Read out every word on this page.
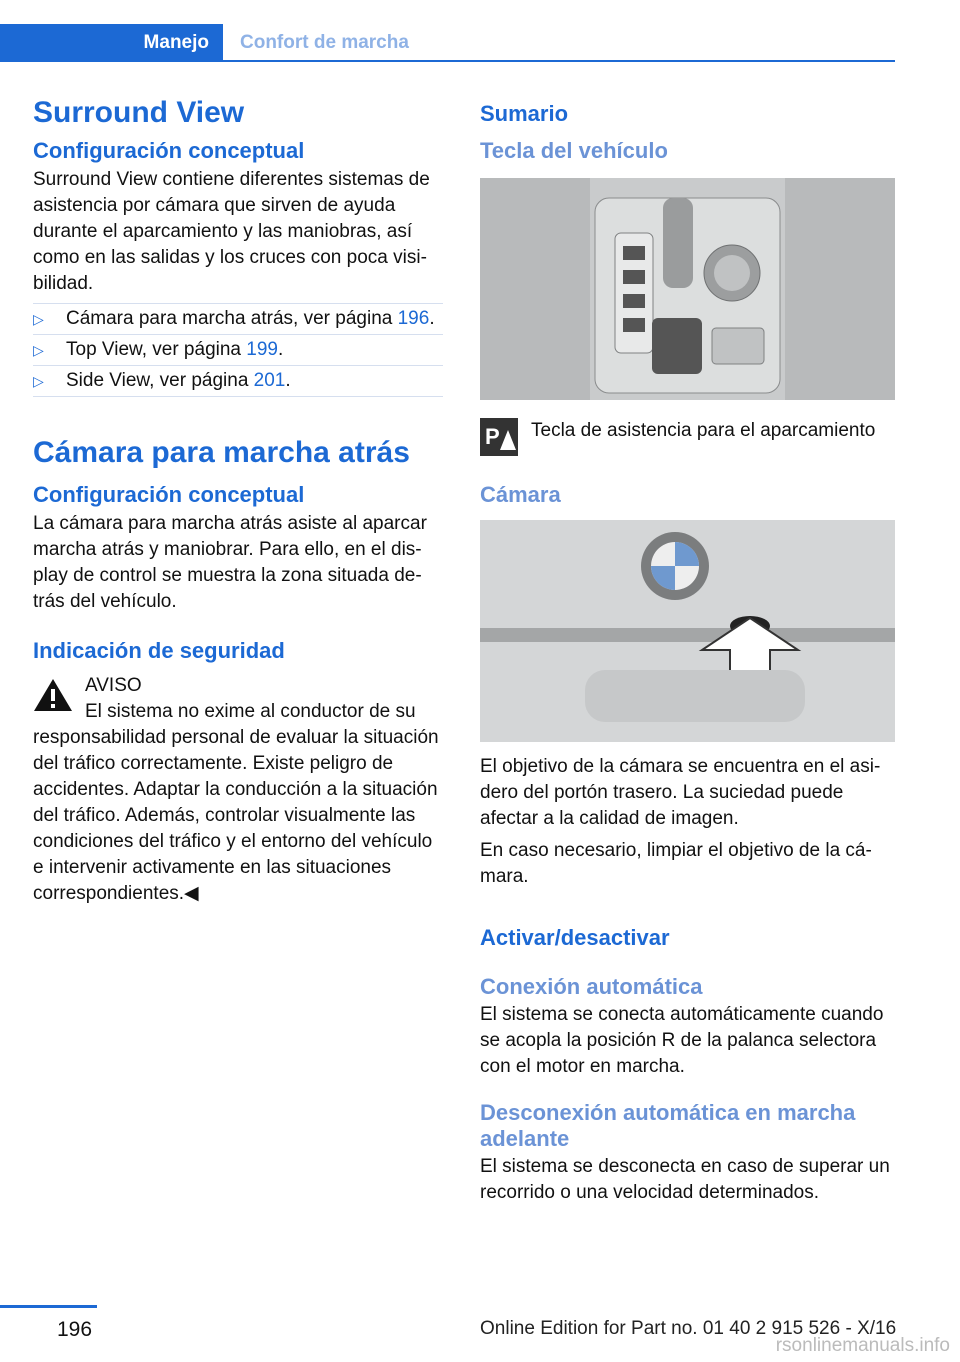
Manejo	Confort de marcha
Surround View
Configuración conceptual

Surround View contiene diferentes sistemas de asistencia por cámara que sirven de ayuda durante el aparcamiento y las maniobras, así como en las salidas y los cruces con poca visibilidad.

▷ Cámara para marcha atrás, ver página 196.
▷ Top View, ver página 199.
▷ Side View, ver página 201.
Cámara para marcha atrás
Configuración conceptual

La cámara para marcha atrás asiste al aparcar marcha atrás y maniobrar. Para ello, en el display de control se muestra la zona situada detrás del vehículo.

Indicación de seguridad

AVISO

El sistema no exime al conductor de su responsabilidad personal de evaluar la situación del tráfico correctamente. Existe peligro de accidentes. Adaptar la conducción a la situación del tráfico. Además, controlar visualmente las condiciones del tráfico y el entorno del vehículo e intervenir activamente en las situaciones correspondientes.◀

Sumario
Tecla del vehículo
P Tecla de asistencia para el aparcamiento
Cámara

El objetivo de la cámara se encuentra en el asidero del portón trasero. La suciedad puede afectar a la calidad de imagen.

En caso necesario, limpiar el objetivo de la cámara.

Activar/desactivar
Conexión automática

El sistema se conecta automáticamente cuando se acopla la posición R de la palanca selectora con el motor en marcha.

Desconexión automática en marcha adelante

El sistema se desconecta en caso de superar un recorrido o una velocidad determinados.

196	Online Edition for Part no. 01 40 2 915 526 - X/16
rsonlinemanuals.info
